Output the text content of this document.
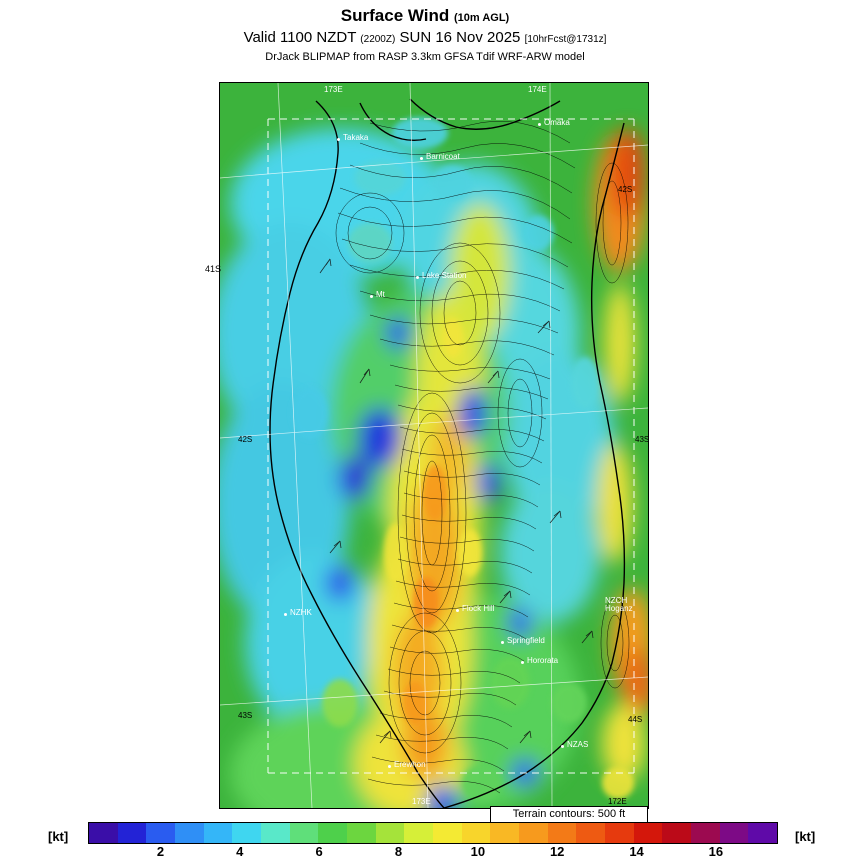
Surface Wind (10m AGL)
Valid 1100 NZDT (2200Z) SUN 16 Nov 2025 [10hrFcst@1731z]
DrJack BLIPMAP from RASP 3.3km GFSA Tdif WRF-ARW model
Takaka
Omaka
Barnicoat
Lake Station
Mt
NZHK	Flock Hill
NZCH
Hoganz
Springfield
Hororata
NZAS
Erewhon
173E	174E
42S
43S
44S
42S
43S
172E
173E
Terrain contours: 500 ft
41S
[kt]	[kt]
2	4	6	8	10	12	14	16
